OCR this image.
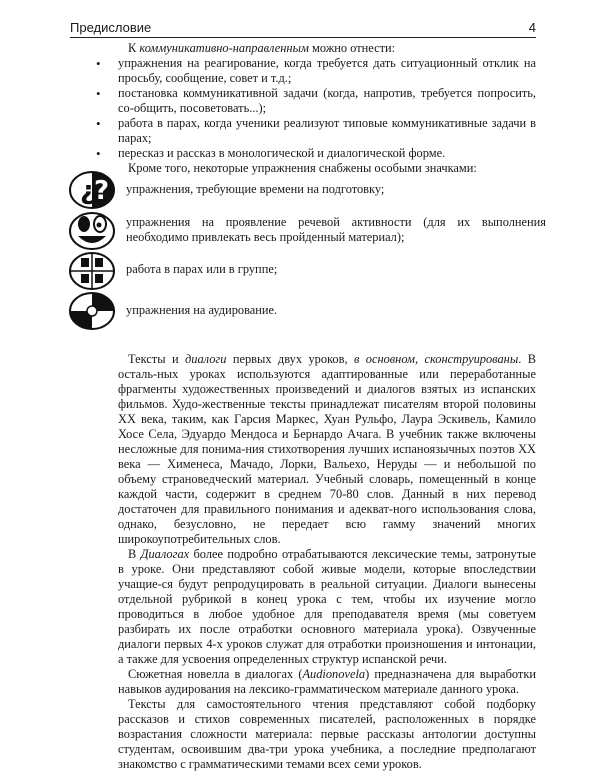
Предисловие	4

К коммуникативно-направленным можно отнести:

• упражнения на реагирование, когда требуется дать ситуационный отклик на просьбу, сообщение, совет и т.д.;
• постановка коммуникативной задачи (когда, напротив, требуется попросить, со-общить, посоветовать...);
• работа в парах, когда ученики реализуют типовые коммуникативные задачи в парах;
• пересказ и рассказ в монологической и диалогической форме.

Кроме того, некоторые упражнения снабжены особыми значками:

¿
? упражнения, требующие времени на подготовку;
упражнения на проявление речевой активности (для их выполнения необходимо привлекать весь пройденный материал);
работа в парах или в группе;
упражнения на аудирование.

Тексты и диалоги первых двух уроков, в основном, сконструированы. В осталь-ных уроках используются адаптированные или переработанные фрагменты художественных произведений и диалогов взятых из испанских фильмов. Худо-жественные тексты принадлежат писателям второй половины XX века, таким, как Гарсия Маркес, Хуан Рульфо, Лаура Эскивель, Камило Хосе Села, Эдуардо Мендоса и Бернардо Ачага. В учебник также включены несложные для понима-ния стихотворения лучших испаноязычных поэтов XX века — Хименеса, Мачадо, Лорки, Вальехо, Неруды — и небольшой по объему страноведческий материал. Учебный словарь, помещенный в конце каждой части, содержит в среднем 70-80 слов. Данный в них перевод достаточен для правильного понимания и адекват-ного использования слова, однако, безусловно, не передает всю гамму значений многих широкоупотребительных слов.

В Диалогах более подробно отрабатываются лексические темы, затронутые в уроке. Они представляют собой живые модели, которые впоследствии учащие-ся будут репродуцировать в реальной ситуации. Диалоги вынесены отдельной рубрикой в конец урока с тем, чтобы их изучение могло проводиться в любое удобное для преподавателя время (мы советуем разбирать их после отработки основного материала урока). Озвученные диалоги первых 4-х уроков служат для отработки произношения и интонации, а также для усвоения определенных структур испанской речи.

Сюжетная новелла в диалогах (Audionovela) предназначена для выработки навыков аудирования на лексико-грамматическом материале данного урока.

Тексты для самостоятельного чтения представляют собой подборку рассказов и стихов современных писателей, расположенных в порядке возрастания сложности материала: первые рассказы антологии доступны студентам, освоившим два-три урока учебника, а последние предполагают знакомство с грамматическими темами всех семи уроков.
